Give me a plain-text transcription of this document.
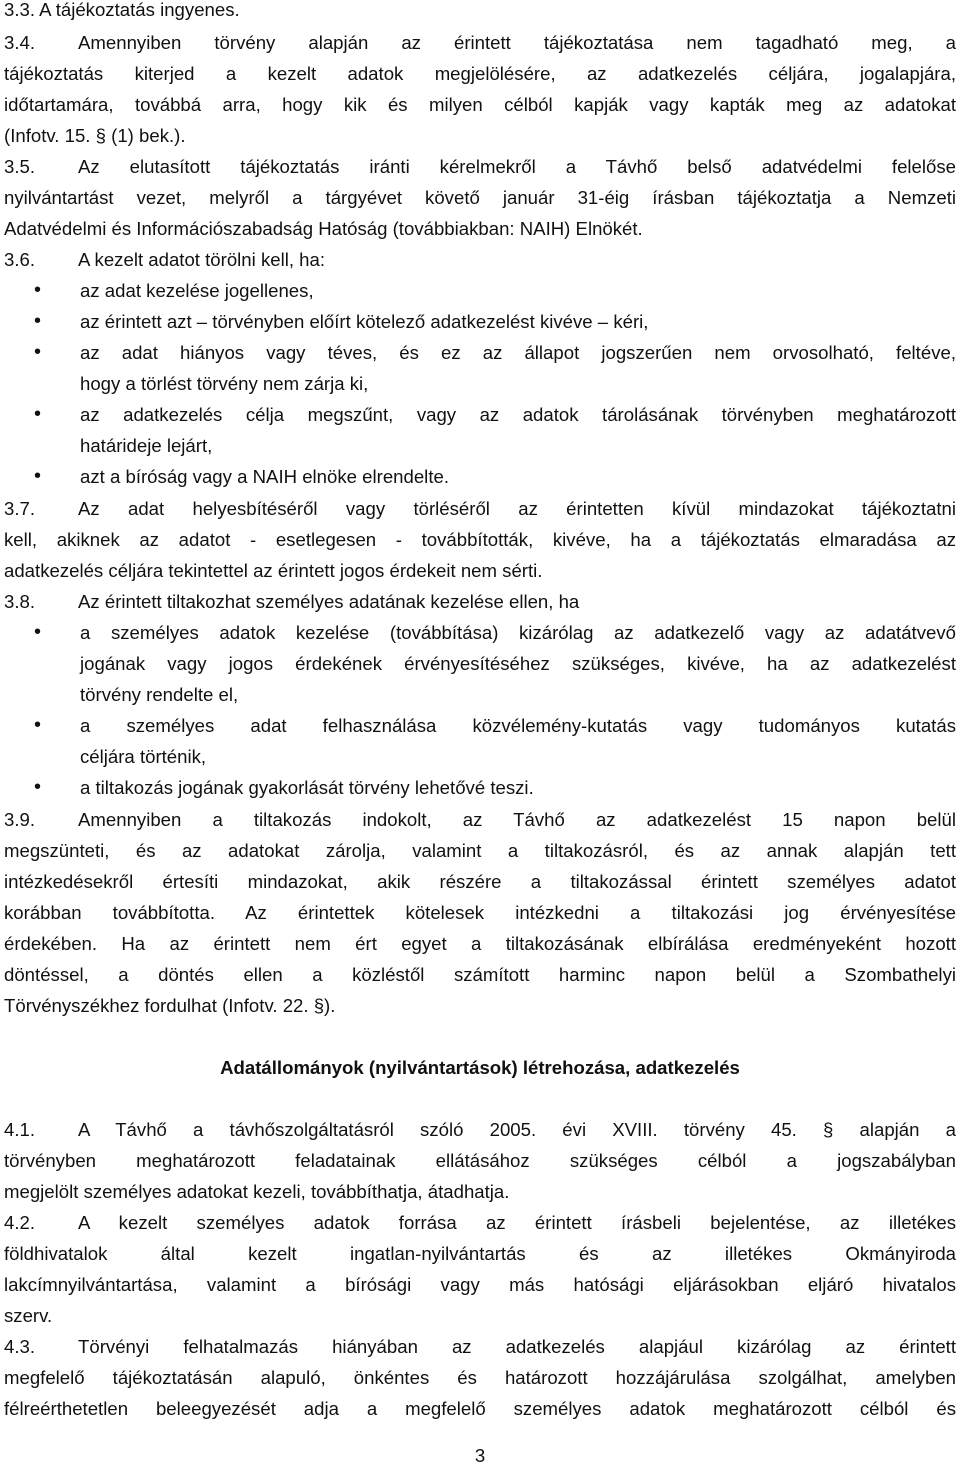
3.3. A tájékoztatás ingyenes.
3.4. Amennyiben törvény alapján az érintett tájékoztatása nem tagadható meg, a
tájékoztatás kiterjed a kezelt adatok megjelölésére, az adatkezelés céljára, jogalapjára,
időtartamára, továbbá arra, hogy kik és milyen célból kapják vagy kapták meg az adatokat
(Infotv. 15. § (1) bek.).
3.5. Az elutasított tájékoztatás iránti kérelmekről a Távhő belső adatvédelmi felelőse
nyilvántartást vezet, melyről a tárgyévet követő január 31-éig írásban tájékoztatja a Nemzeti
Adatvédelmi és Információszabadság Hatóság (továbbiakban: NAIH) Elnökét.
3.6. A kezelt adatot törölni kell, ha:
• az adat kezelése jogellenes,
• az érintett azt – törvényben előírt kötelező adatkezelést kivéve – kéri,
• az adat hiányos vagy téves, és ez az állapot jogszerűen nem orvosolható, feltéve,
hogy a törlést törvény nem zárja ki,
• az adatkezelés célja megszűnt, vagy az adatok tárolásának törvényben meghatározott
határideje lejárt,
• azt a bíróság vagy a NAIH elnöke elrendelte.
3.7. Az adat helyesbítéséről vagy törléséről az érintetten kívül mindazokat tájékoztatni
kell, akiknek az adatot - esetlegesen - továbbították, kivéve, ha a tájékoztatás elmaradása az
adatkezelés céljára tekintettel az érintett jogos érdekeit nem sérti.
3.8. Az érintett tiltakozhat személyes adatának kezelése ellen, ha
• a személyes adatok kezelése (továbbítása) kizárólag az adatkezelő vagy az adatátvevő
jogának vagy jogos érdekének érvényesítéséhez szükséges, kivéve, ha az adatkezelést
törvény rendelte el,
• a személyes adat felhasználása közvélemény-kutatás vagy tudományos kutatás
céljára történik,
• a tiltakozás jogának gyakorlását törvény lehetővé teszi.
3.9. Amennyiben a tiltakozás indokolt, az Távhő az adatkezelést 15 napon belül
megszünteti, és az adatokat zárolja, valamint a tiltakozásról, és az annak alapján tett
intézkedésekről értesíti mindazokat, akik részére a tiltakozással érintett személyes adatot
korábban továbbította. Az érintettek kötelesek intézkedni a tiltakozási jog érvényesítése
érdekében. Ha az érintett nem ért egyet a tiltakozásának elbírálása eredményeként hozott
döntéssel, a döntés ellen a közléstől számított harminc napon belül a Szombathelyi
Törvényszékhez fordulhat (Infotv. 22. §).
Adatállományok (nyilvántartások) létrehozása, adatkezelés
4.1. A Távhő a távhőszolgáltatásról szóló 2005. évi XVIII. törvény 45. § alapján a
törvényben meghatározott feladatainak ellátásához szükséges célból a jogszabályban
megjelölt személyes adatokat kezeli, továbbíthatja, átadhatja.
4.2. A kezelt személyes adatok forrása az érintett írásbeli bejelentése, az illetékes
földhivatalok által kezelt ingatlan-nyilvántartás és az illetékes Okmányiroda
lakcímnyilvántartása, valamint a bírósági vagy más hatósági eljárásokban eljáró hivatalos
szerv.
4.3. Törvényi felhatalmazás hiányában az adatkezelés alapjául kizárólag az érintett
megfelelő tájékoztatásán alapuló, önkéntes és határozott hozzájárulása szolgálhat, amelyben
félreérthetetlen beleegyezését adja a megfelelő személyes adatok meghatározott célból és
3
